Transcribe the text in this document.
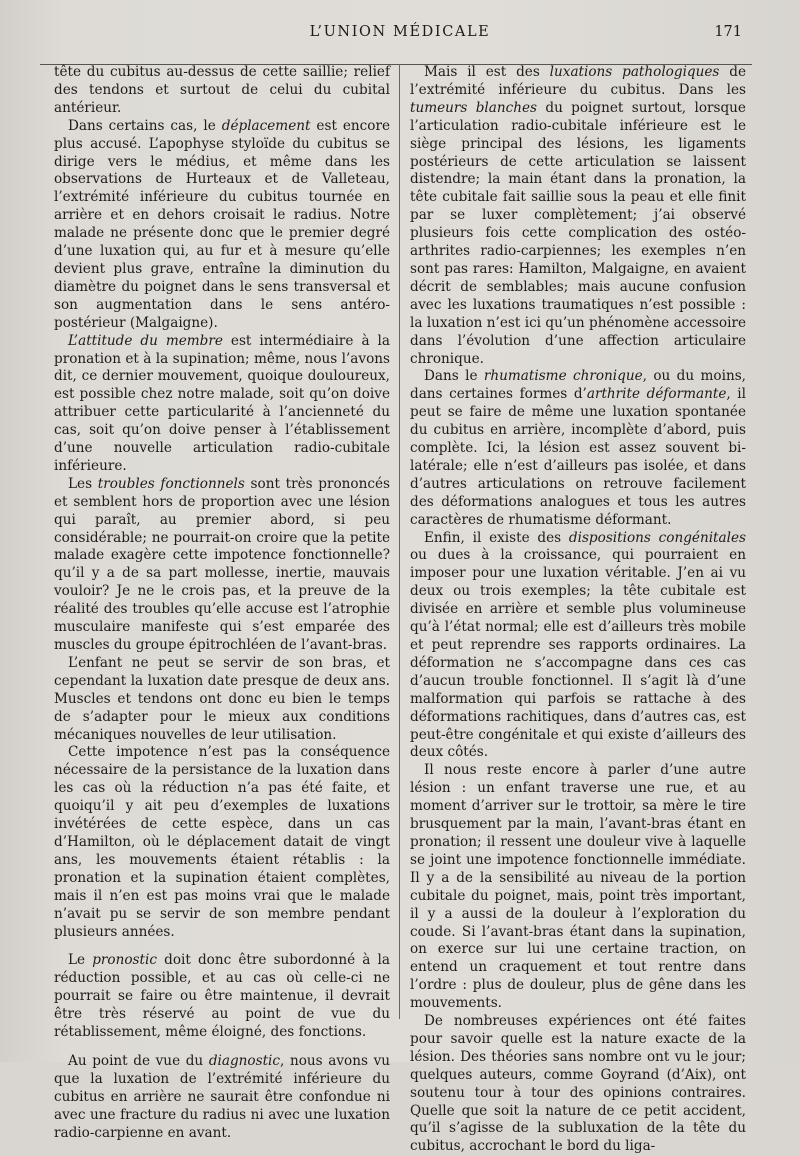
L’UNION MÉDICALE	171

tête du cubitus au-dessus de cette saillie; relief des tendons et surtout de celui du cubital antérieur.

Dans certains cas, le déplacement est encore plus accusé. L’apophyse styloïde du cubitus se dirige vers le médius, et même dans les observations de Hurteaux et de Valleteau, l’extrémité inférieure du cubitus tournée en arrière et en dehors croisait le radius. Notre malade ne présente donc que le premier degré d’une luxation qui, au fur et à mesure qu’elle devient plus grave, entraîne la diminution du diamètre du poignet dans le sens transversal et son augmentation dans le sens antéro-postérieur (Malgaigne).

L’attitude du membre est intermédiaire à la pronation et à la supination; même, nous l’avons dit, ce dernier mouvement, quoique douloureux, est possible chez notre malade, soit qu’on doive attribuer cette particularité à l’ancienneté du cas, soit qu’on doive penser à l’établissement d’une nouvelle articulation radio-cubitale inférieure.

Les troubles fonctionnels sont très prononcés et semblent hors de proportion avec une lésion qui paraît, au premier abord, si peu considérable; ne pourrait-on croire que la petite malade exagère cette impotence fonctionnelle? qu’il y a de sa part mollesse, inertie, mauvais vouloir? Je ne le crois pas, et la preuve de la réalité des troubles qu’elle accuse est l’atrophie musculaire manifeste qui s’est emparée des muscles du groupe épitrochléen de l’avant-bras.

L’enfant ne peut se servir de son bras, et cependant la luxation date presque de deux ans. Muscles et tendons ont donc eu bien le temps de s’adapter pour le mieux aux conditions mécaniques nouvelles de leur utilisation.

Cette impotence n’est pas la conséquence nécessaire de la persistance de la luxation dans les cas où la réduction n’a pas été faite, et quoiqu’il y ait peu d’exemples de luxations invétérées de cette espèce, dans un cas d’Hamilton, où le déplacement datait de vingt ans, les mouvements étaient rétablis : la pronation et la supination étaient complètes, mais il n’en est pas moins vrai que le malade n’avait pu se servir de son membre pendant plusieurs années.

Le pronostic doit donc être subordonné à la réduction possible, et au cas où celle-ci ne pourrait se faire ou être maintenue, il devrait être très réservé au point de vue du rétablissement, même éloigné, des fonctions.

Au point de vue du diagnostic, nous avons vu que la luxation de l’extrémité inférieure du cubitus en arrière ne saurait être confondue ni avec une fracture du radius ni avec une luxation radio-carpienne en avant.

Mais il est des luxations pathologiques de l’extrémité inférieure du cubitus. Dans les tumeurs blanches du poignet surtout, lorsque l’articulation radio-cubitale inférieure est le siège principal des lésions, les ligaments postérieurs de cette articulation se laissent distendre; la main étant dans la pronation, la tête cubitale fait saillie sous la peau et elle finit par se luxer complètement; j’ai observé plusieurs fois cette complication des ostéo-arthrites radio-carpiennes; les exemples n’en sont pas rares: Hamilton, Malgaigne, en avaient décrit de semblables; mais aucune confusion avec les luxations traumatiques n’est possible : la luxation n’est ici qu’un phénomène accessoire dans l’évolution d’une affection articulaire chronique.

Dans le rhumatisme chronique, ou du moins, dans certaines formes d’arthrite déformante, il peut se faire de même une luxation spontanée du cubitus en arrière, incomplète d’abord, puis complète. Ici, la lésion est assez souvent bi-latérale; elle n’est d’ailleurs pas isolée, et dans d’autres articulations on retrouve facilement des déformations analogues et tous les autres caractères de rhumatisme déformant.

Enfin, il existe des dispositions congénitales ou dues à la croissance, qui pourraient en imposer pour une luxation véritable. J’en ai vu deux ou trois exemples; la tête cubitale est divisée en arrière et semble plus volumineuse qu’à l’état normal; elle est d’ailleurs très mobile et peut reprendre ses rapports ordinaires. La déformation ne s’accompagne dans ces cas d’aucun trouble fonctionnel. Il s’agit là d’une malformation qui parfois se rattache à des déformations rachitiques, dans d’autres cas, est peut-être congénitale et qui existe d’ailleurs des deux côtés.

Il nous reste encore à parler d’une autre lésion : un enfant traverse une rue, et au moment d’arriver sur le trottoir, sa mère le tire brusquement par la main, l’avant-bras étant en pronation; il ressent une douleur vive à laquelle se joint une impotence fonctionnelle immédiate. Il y a de la sensibilité au niveau de la portion cubitale du poignet, mais, point très important, il y a aussi de la douleur à l’exploration du coude. Si l’avant-bras étant dans la supination, on exerce sur lui une certaine traction, on entend un craquement et tout rentre dans l’ordre : plus de douleur, plus de gêne dans les mouvements.

De nombreuses expériences ont été faites pour savoir quelle est la nature exacte de la lésion. Des théories sans nombre ont vu le jour; quelques auteurs, comme Goyrand (d’Aix), ont soutenu tour à tour des opinions contraires. Quelle que soit la nature de ce petit accident, qu’il s’agisse de la subluxation de la tête du cubitus, accrochant le bord du liga-
